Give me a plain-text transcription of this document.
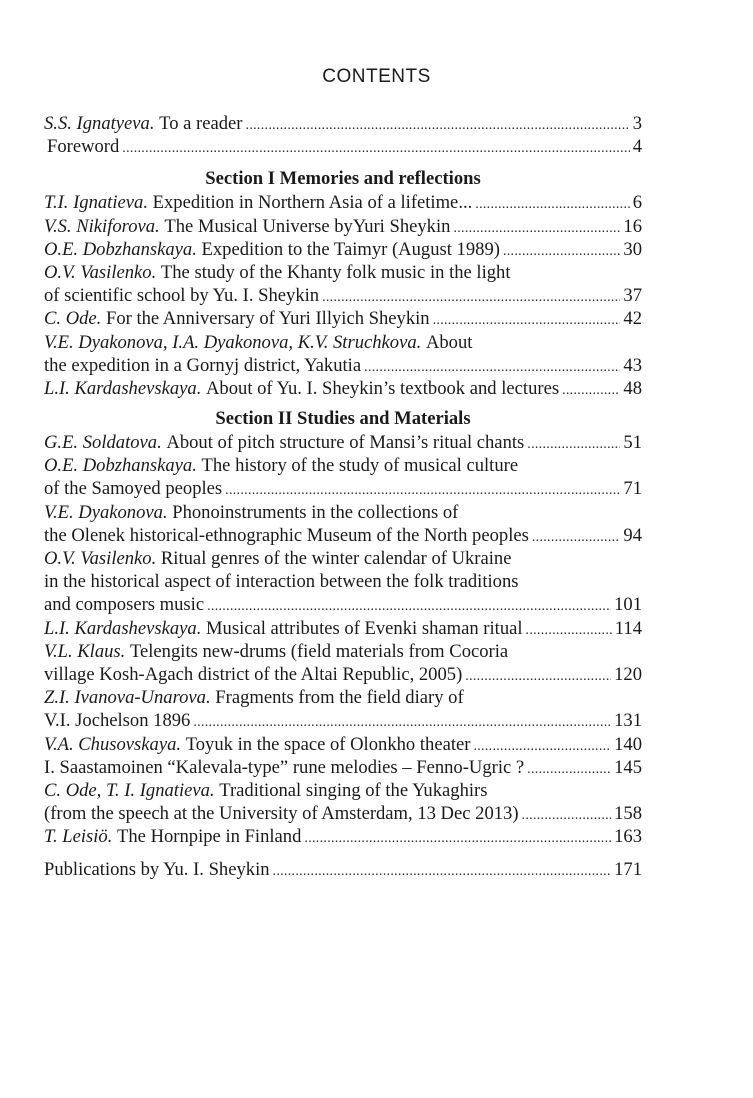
CONTENTS
S.S. Ignatyeva.
To a reader . . .	3
Foreword . . .	4
Section I Memories and reflections
T.I. Ignatieva.
Expedition in Northern Asia of a lifetime... . . .	6
V.S. Nikiforova.
The Musical Universe byYuri Sheykin . . .	16
O.E. Dobzhanskaya.
Expedition to the Taimyr (August 1989) . . .	30
O.V. Vasilenko.
The study of the Khanty folk music in the light
of scientific school by Yu. I. Sheykin . . .	37
C. Ode.
For the Anniversary of Yuri Illyich Sheykin . . .	42
V.E. Dyakonova, I.A. Dyakonova, K.V. Struchkova.
About
the expedition in a Gornyj district, Yakutia . . .	43
L.I. Kardashevskaya.
About of Yu. I. Sheykin’s textbook and lectures . . .	48
Section II Studies and Materials
G.E. Soldatova.
About of pitch structure of Mansi’s ritual chants . . .	51
O.E. Dobzhanskaya.
The history of the study of musical culture
of the Samoyed peoples . . .	71
V.E. Dyakonova.
Phonoinstruments in the collections of
the Olenek historical-ethnographic Museum of the North peoples . . .	94
O.V. Vasilenko.
Ritual genres of the winter calendar of Ukraine
in the historical aspect of interaction between the folk traditions
and composers music . . .	101
L.I. Kardashevskaya.
Musical attributes of Evenki shaman ritual . . .	114
V.L. Klaus.
Telengits new-drums (field materials from Cocoria
village Kosh-Agach district of the Altai Republic, 2005) . . .	120
Z.I. Ivanova-Unarova.
Fragments from the field diary of
V.I. Jochelson 1896 . . .	131
V.A. Chusovskaya.
Toyuk in the space of Olonkho theater . . .	140
I. Saastamoinen “Kalevala-type” rune melodies – Fenno-Ugric ? . . .	145
C. Ode, T. I. Ignatieva.
Traditional singing of the Yukaghirs
(from the speech at the University of Amsterdam, 13 Dec 2013) . . .	158
T. Leisiö.
The Hornpipe in Finland . . .	163
Publications by Yu. I. Sheykin . . .	171
